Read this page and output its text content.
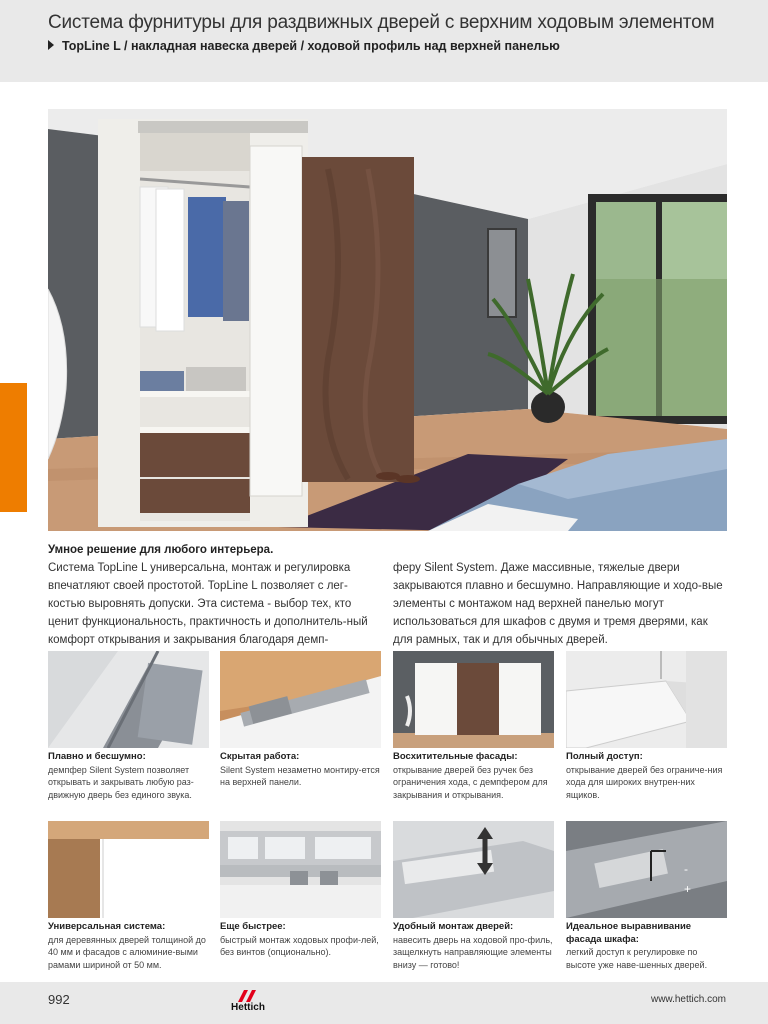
Система фурнитуры для раздвижных дверей с верхним ходовым элементом
TopLine L / накладная навеска дверей / ходовой профиль над верхней панелью
Умное решение для любого интерьера.
Система TopLine L универсальна, монтаж и регулировка впечатляют своей простотой. TopLine L позволяет с лег-костью выровнять допуски. Эта система - выбор тех, кто ценит функциональность, практичность и дополнитель-ный комфорт открывания и закрывания благодаря демп-
феру Silent System. Даже массивные, тяжелые двери закрываются плавно и бесшумно. Направляющие и ходо-вые элементы с монтажом над верхней панелью могут использоваться для шкафов с двумя и тремя дверями, как для рамных, так и для обычных дверей.
Плавно и бесшумно:
демпфер Silent System позволяет открывать и закрывать любую раз-движную дверь без единого звука.
Скрытая работа:
Silent System незаметно монтиру-ется на верхней панели.
Восхитительные фасады:
открывание дверей без ручек без ограничения хода, с демпфером для закрывания и открывания.
Полный доступ:
открывание дверей без ограниче-ния хода для широких внутрен-них ящиков.
-
+
Универсальная система:
для деревянных дверей толщиной до 40 мм и фасадов с алюминие-выми рамами шириной от 50 мм.
Еще быстрее:
быстрый монтаж ходовых профи-лей, без винтов (опционально).
Удобный монтаж дверей:
навесить дверь на ходовой про-филь, защелкнуть направляющие элементы внизу — готово!
Идеальное выравнивание фасада шкафа:
легкий доступ к регулировке по высоте уже наве-шенных дверей.
992
Hettich
www.hettich.com
